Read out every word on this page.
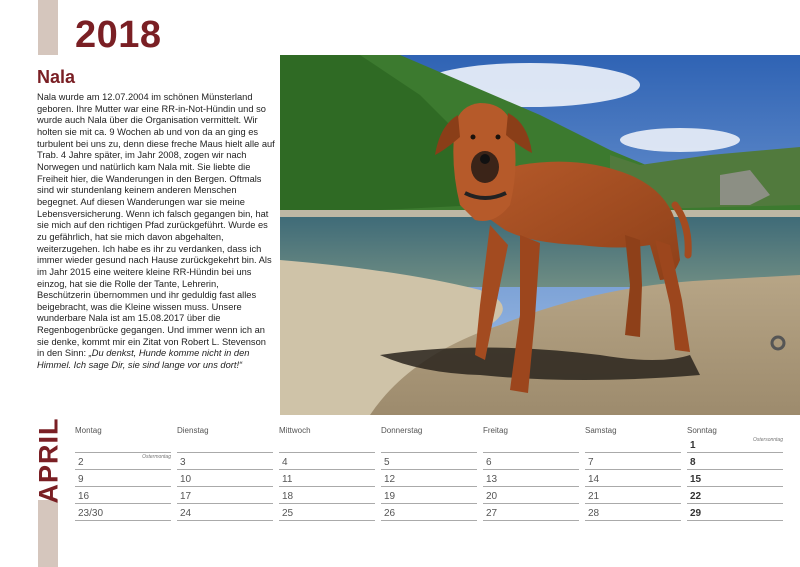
2018
Nala
Nala wurde am 12.07.2004 im schönen Münsterland geboren. Ihre Mutter war eine RR-in-Not-Hündin und so wurde auch Nala über die Organisation vermittelt. Wir holten sie mit ca. 9 Wochen ab und von da an ging es turbulent bei uns zu, denn diese freche Maus hielt alle auf Trab. 4 Jahre später, im Jahr 2008, zogen wir nach Norwegen und natürlich kam Nala mit. Sie liebte die Freiheit hier, die Wanderungen in den Bergen. Oftmals sind wir stundenlang keinem anderen Menschen begegnet. Auf diesen Wanderungen war sie meine Lebensversicherung. Wenn ich falsch gegangen bin, hat sie mich auf den richtigen Pfad zurückgeführt. Wurde es zu gefährlich, hat sie mich davon abgehalten, weiterzugehen. Ich habe es ihr zu verdanken, dass ich immer wieder gesund nach Hause zurückgekehrt bin. Als im Jahr 2015 eine weitere kleine RR-Hündin bei uns einzog, hat sie die Rolle der Tante, Lehrerin, Beschützerin übernommen und ihr geduldig fast alles beigebracht, was die Kleine wissen muss. Unsere wunderbare Nala ist am 15.08.2017 über die Regenbogenbrücke gegangen. Und immer wenn ich an sie denke, kommt mir ein Zitat von Robert L. Stevenson in den Sinn: „Du denkst, Hunde komme nicht in den Himmel. Ich sage Dir, sie sind lange vor uns dort!“
APRIL Montag
2	Ostermontag
9
16
23/30
Dienstag
3
10
17
24
Mittwoch
4
11
18
25
Donnerstag
5
12
19
26
Freitag
6
13
20
27
Samstag
7
14
21
28
Sonntag
1	Ostersonntag
8
15
22
29
